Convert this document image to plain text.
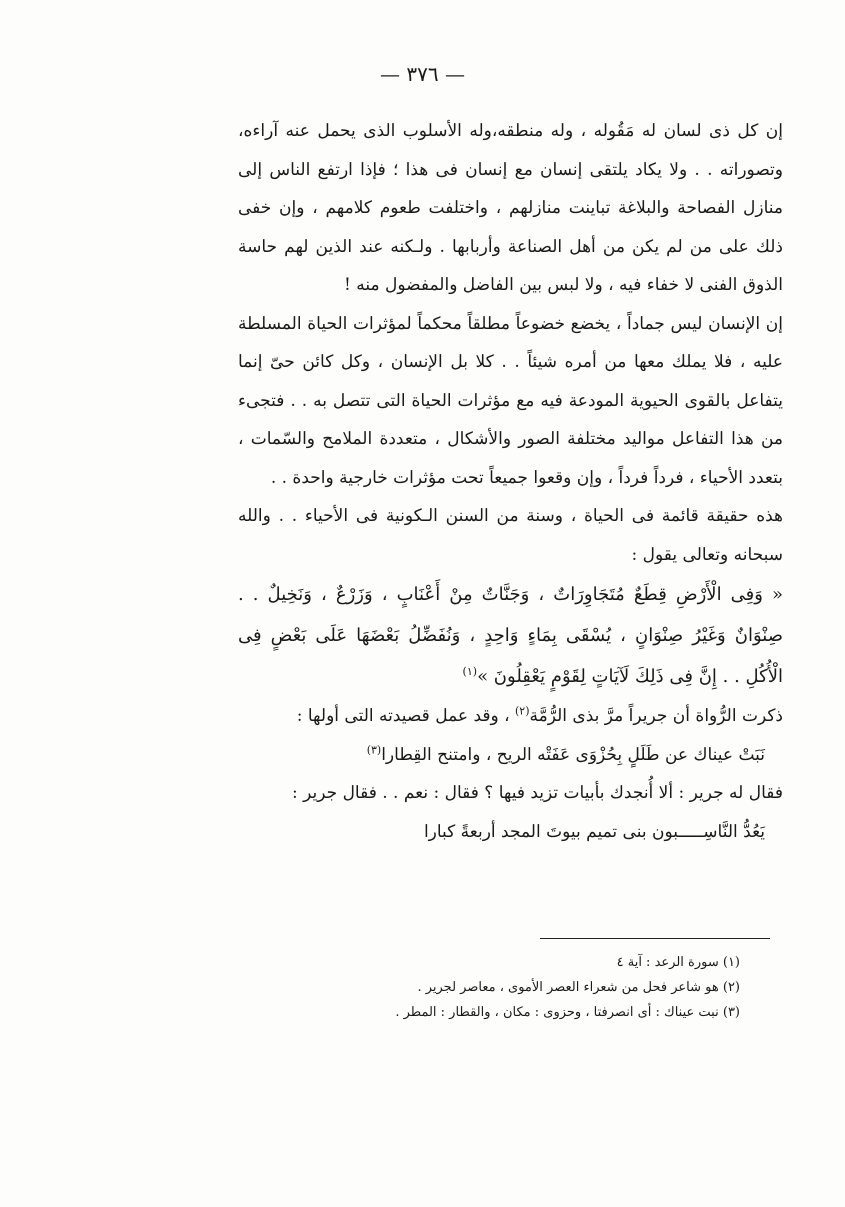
— ٣٧٦ —

إن كل ذى لسان له مَقُوله ، وله منطقه،وله الأسلوب الذى يحمل عنه آراءه، وتصوراته . . ولا يكاد يلتقى إنسان مع إنسان فى هذا ؛ فإذا ارتفع الناس إلى منازل الفصاحة والبلاغة تباينت منازلهم ، واختلفت طعوم كلامهم ، وإن خفى ذلك على من لم يكن من أهل الصناعة وأربابها . ولـكنه عند الذين لهم حاسة الذوق الفنى لا خفاء فيه ، ولا لبس بين الفاضل والمفضول منه !

إن الإنسان ليس جماداً ، يخضع خضوعاً مطلقاً محكماً لمؤثرات الحياة المسلطة عليه ، فلا يملك معها من أمره شيئاً . . كلا بل الإنسان ، وكل كائن حىّ إنما يتفاعل بالقوى الحيوية المودعة فيه مع مؤثرات الحياة التى تتصل به . . فتجىء من هذا التفاعل مواليد مختلفة الصور والأشكال ، متعددة الملامح والسّمات ، بتعدد الأحياء ، فرداً فرداً ، وإن وقعوا جميعاً تحت مؤثرات خارجية واحدة . .

هذه حقيقة قائمة فى الحياة ، وسنة من السنن الـكونية فى الأحياء . . والله سبحانه وتعالى يقول :

« وَفِى الْأَرْضِ قِطَعٌ مُتَجَاوِرَاتٌ ، وَجَنَّاتٌ مِنْ أَعْنَابٍ ، وَزَرْعٌ ، وَنَخِيلٌ . . صِنْوَانٌ وَغَيْرُ صِنْوَانٍ ، يُسْقَى بِمَاءٍ وَاحِدٍ ، وَنُفَضِّلُ بَعْضَهَا عَلَى بَعْضٍ فِى الْأُكُلِ . . إِنَّ فِى ذَلِكَ لَآيَاتٍ لِقَوْمٍ يَعْقِلُونَ »$^{(١)}$

ذكرت الرُّواة أن جريراً مرَّ بذى الرُّمَّة$^{(٢)}$ ، وقد عمل قصيدته التى أولها :

نَبَتْ عيناك عن طَلَلٍ بِحُزْوَى عَفَتْه الريح ، وامتنح القِطارا$^{(٣)}$

فقال له جرير : ألا أُنجدك بأبيات تزيد فيها ؟ فقال : نعم . . فقال جرير :

يَعُدُّ النَّاسِـــــبون بنى تميم بيوتَ المجد أربعةً كبارا

(١) سورة الرعد : آية ٤

(٢) هو شاعر فحل من شعراء العصر الأموى ، معاصر لجرير .

(٣) نبت عيناك : أى انصرفتا ، وحزوى : مكان ، والقطار : المطر .
